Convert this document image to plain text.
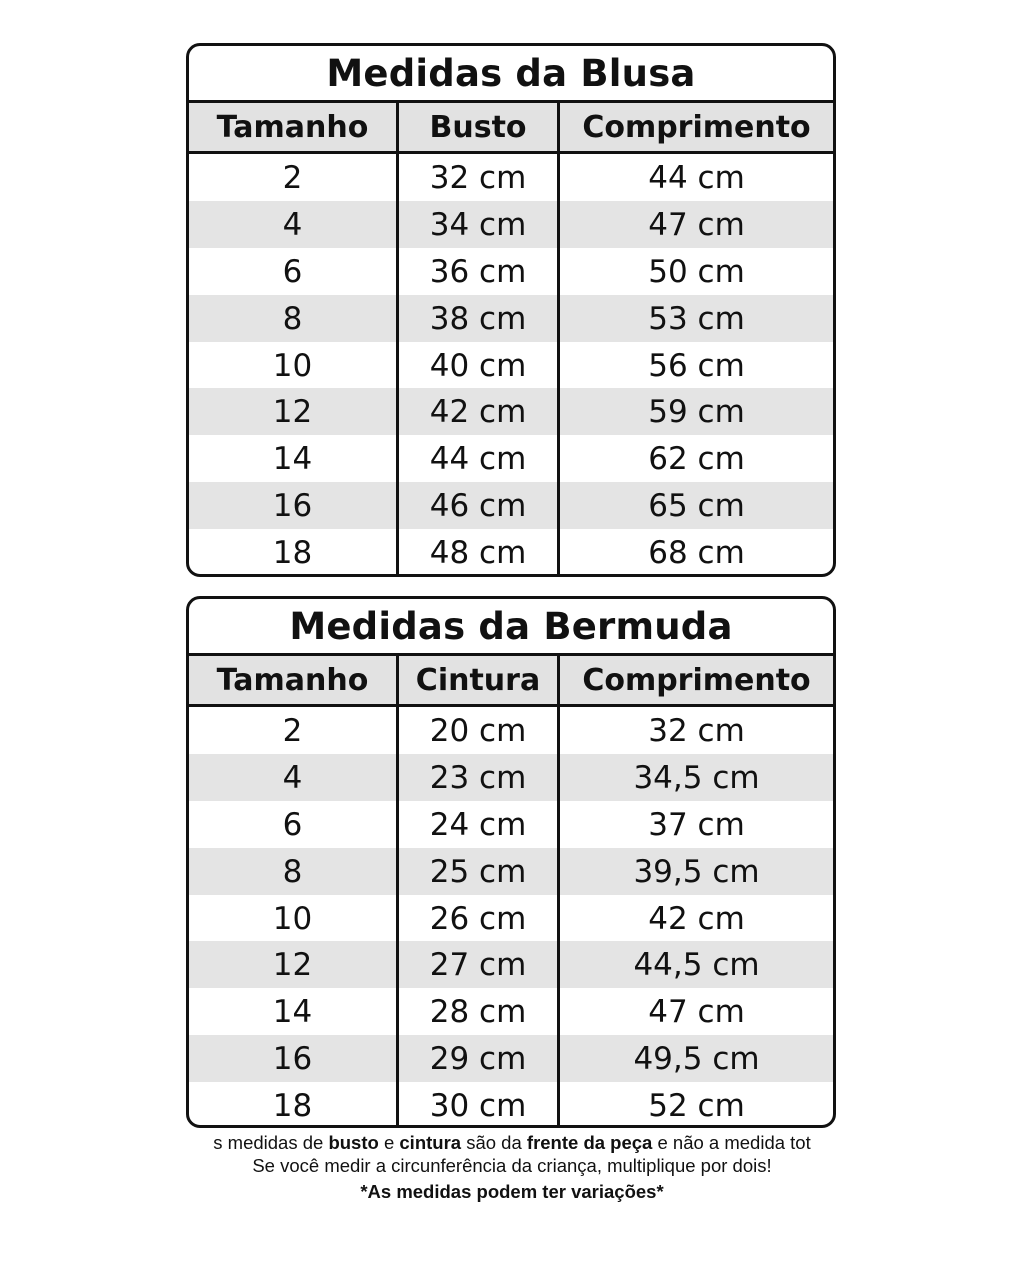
Medidas da Blusa
Tamanho	Busto	Comprimento
2	32 cm	44 cm
4	34 cm	47 cm
6	36 cm	50 cm
8	38 cm	53 cm
10	40 cm	56 cm
12	42 cm	59 cm
14	44 cm	62 cm
16	46 cm	65 cm
18	48 cm	68 cm
Medidas da Bermuda
Tamanho	Cintura	Comprimento
2	20 cm	32 cm
4	23 cm	34,5 cm
6	24 cm	37 cm
8	25 cm	39,5 cm
10	26 cm	42 cm
12	27 cm	44,5 cm
14	28 cm	47 cm
16	29 cm	49,5 cm
18	30 cm	52 cm
s medidas de busto e cintura são da frente da peça e não a medida tot
Se você medir a circunferência da criança, multiplique por dois!
*As medidas podem ter variações*
